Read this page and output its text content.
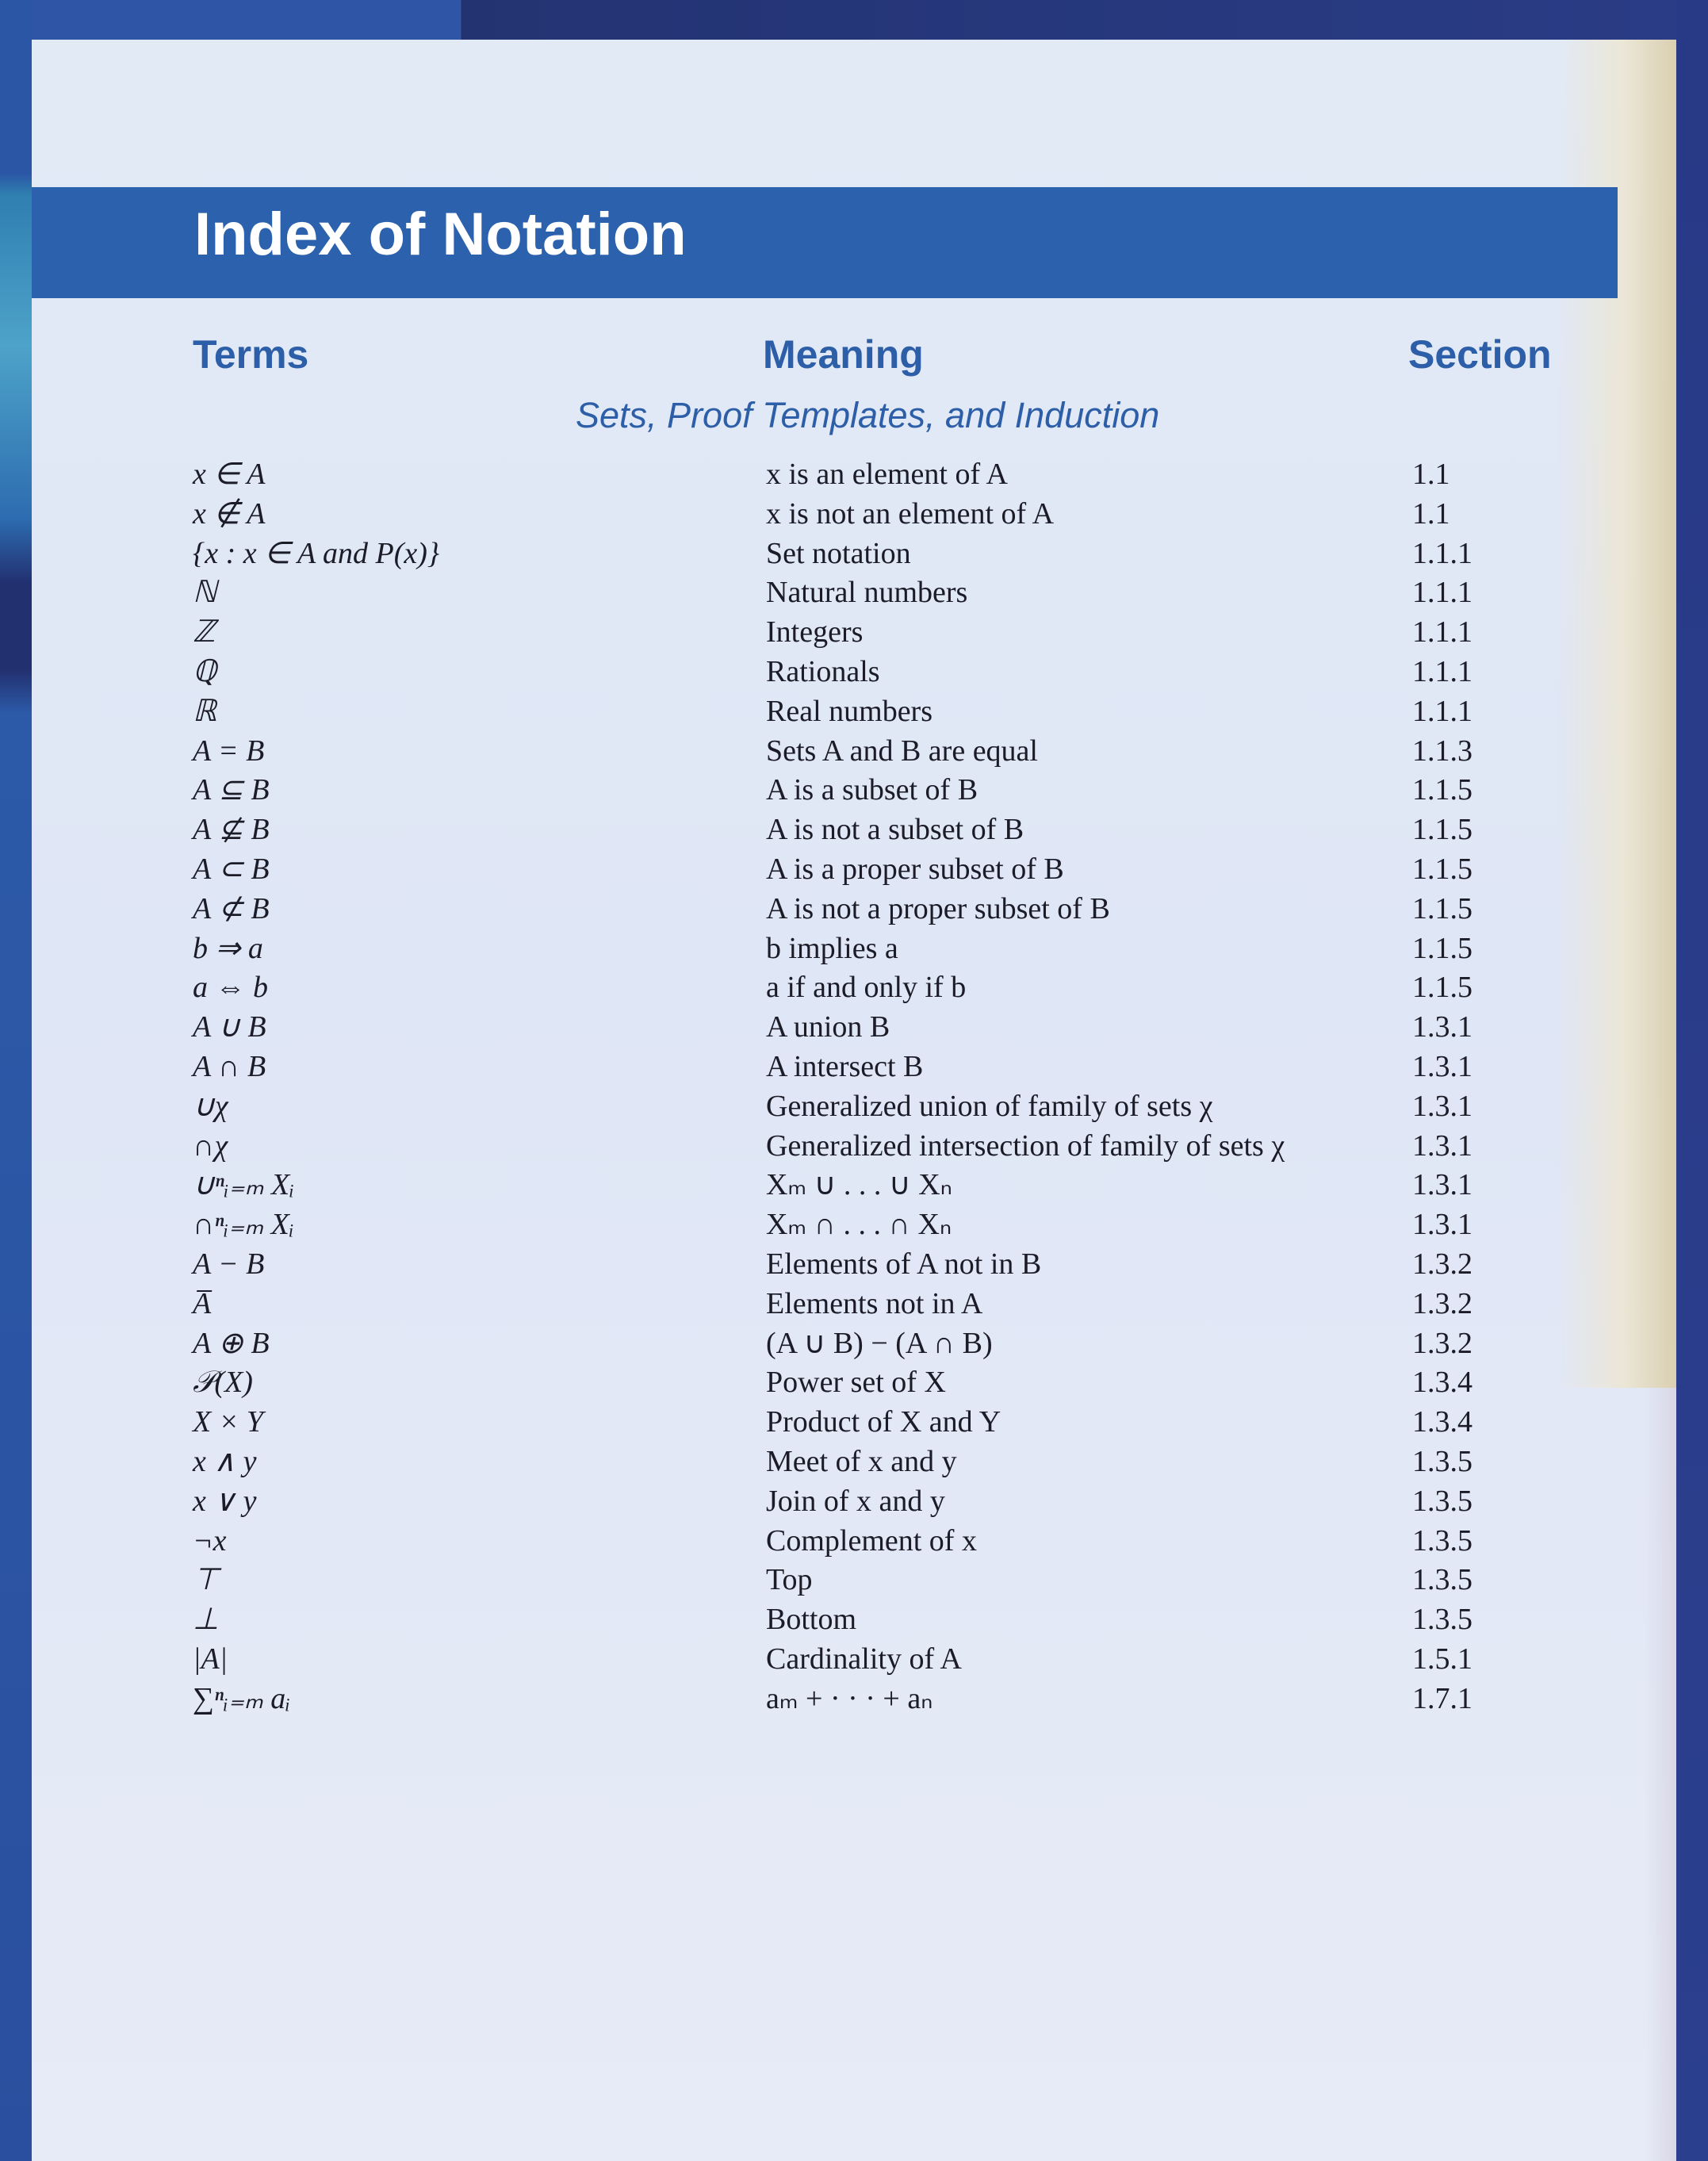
Index of Notation
Terms	Meaning	Section
Sets, Proof Templates, and Induction
x ∈ A	x is an element of A	1.1
x ∉ A	x is not an element of A	1.1
{x : x ∈ A and P(x)}	Set notation	1.1.1
ℕ	Natural numbers	1.1.1
ℤ	Integers	1.1.1
ℚ	Rationals	1.1.1
ℝ	Real numbers	1.1.1
A = B	Sets A and B are equal	1.1.3
A ⊆ B	A is a subset of B	1.1.5
A ⊈ B	A is not a subset of B	1.1.5
A ⊂ B	A is a proper subset of B	1.1.5
A ⊄ B	A is not a proper subset of B	1.1.5
b ⇒ a	b implies a	1.1.5
a ⇔ b	a if and only if b	1.1.5
A ∪ B	A union B	1.3.1
A ∩ B	A intersect B	1.3.1
∪χ	Generalized union of family of sets χ	1.3.1
∩χ	Generalized intersection of family of sets χ	1.3.1
∪ⁿᵢ₌ₘ Xᵢ	Xₘ ∪ . . . ∪ Xₙ	1.3.1
∩ⁿᵢ₌ₘ Xᵢ	Xₘ ∩ . . . ∩ Xₙ	1.3.1
A − B	Elements of A not in B	1.3.2
A̅	Elements not in A	1.3.2
A ⊕ B	(A ∪ B) − (A ∩ B)	1.3.2
𝒫(X)	Power set of X	1.3.4
X × Y	Product of X and Y	1.3.4
x ∧ y	Meet of x and y	1.3.5
x ∨ y	Join of x and y	1.3.5
¬x	Complement of x	1.3.5
⊤	Top	1.3.5
⊥	Bottom	1.3.5
|A|	Cardinality of A	1.5.1
∑ⁿᵢ₌ₘ aᵢ	aₘ + · · · + aₙ	1.7.1
